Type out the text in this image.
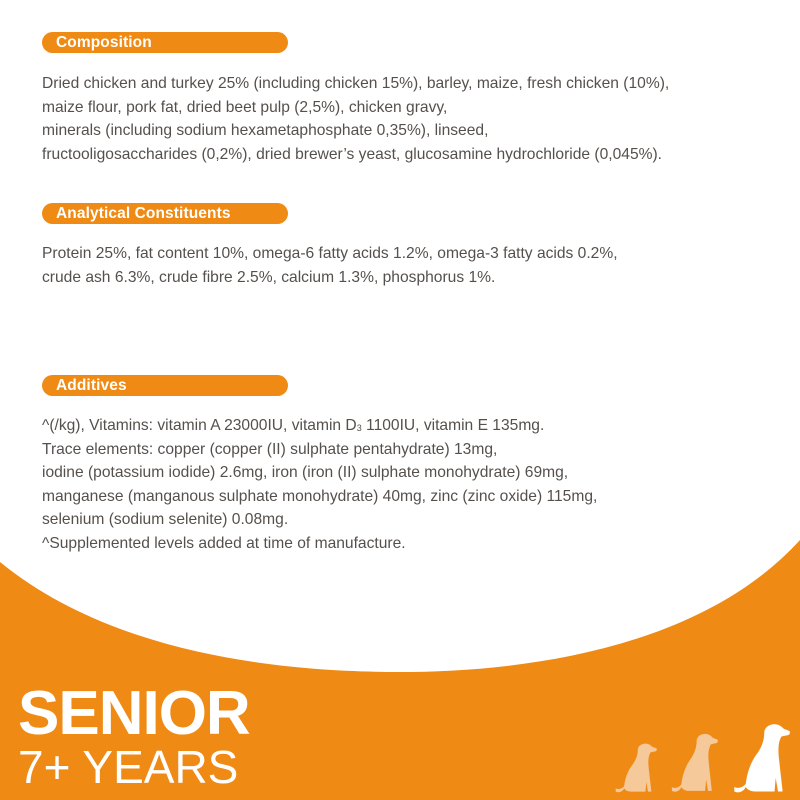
Composition
Dried chicken and turkey 25% (including chicken 15%), barley, maize, fresh chicken (10%),
maize flour, pork fat, dried beet pulp (2,5%), chicken gravy,
minerals (including sodium hexametaphosphate 0,35%), linseed,
fructooligosaccharides (0,2%), dried brewer’s yeast, glucosamine hydrochloride (0,045%).
Analytical Constituents
Protein 25%, fat content 10%, omega-6 fatty acids 1.2%, omega-3 fatty acids 0.2%,
crude ash 6.3%, crude fibre 2.5%, calcium 1.3%, phosphorus 1%.
Additives
^(/kg), Vitamins: vitamin A 23000IU, vitamin D3 1100IU, vitamin E 135mg.
Trace elements: copper (copper (II) sulphate pentahydrate) 13mg,
iodine (potassium iodide) 2.6mg, iron (iron (II) sulphate monohydrate) 69mg,
manganese (manganous sulphate monohydrate) 40mg, zinc (zinc oxide) 115mg,
selenium (sodium selenite) 0.08mg.
^Supplemented levels added at time of manufacture.
SENIOR
7+ YEARS
